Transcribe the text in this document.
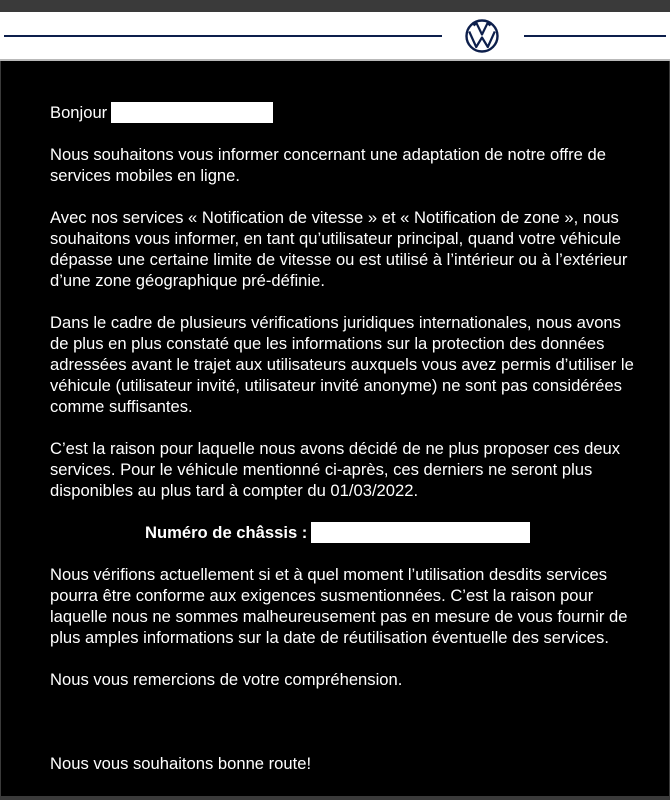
Bonjour

Nous souhaitons vous informer concernant une adaptation de notre offre de services mobiles en ligne.

Avec nos services « Notification de vitesse » et « Notification de zone », nous souhaitons vous informer, en tant qu’utilisateur principal, quand votre véhicule dépasse une certaine limite de vitesse ou est utilisé à l’intérieur ou à l’extérieur d’une zone géographique pré-définie.

Dans le cadre de plusieurs vérifications juridiques internationales, nous avons de plus en plus constaté que les informations sur la protection des données adressées avant le trajet aux utilisateurs auxquels vous avez permis d’utiliser le véhicule (utilisateur invité, utilisateur invité anonyme) ne sont pas considérées comme suffisantes.

C’est la raison pour laquelle nous avons décidé de ne plus proposer ces deux services. Pour le véhicule mentionné ci-après, ces derniers ne seront plus disponibles au plus tard à compter du 01/03/2022.

Numéro de châssis :

Nous vérifions actuellement si et à quel moment l’utilisation desdits services pourra être conforme aux exigences susmentionnées. C’est la raison pour laquelle nous ne sommes malheureusement pas en mesure de vous fournir de plus amples informations sur la date de réutilisation éventuelle des services.

Nous vous remercions de votre compréhension.

Nous vous souhaitons bonne route!
